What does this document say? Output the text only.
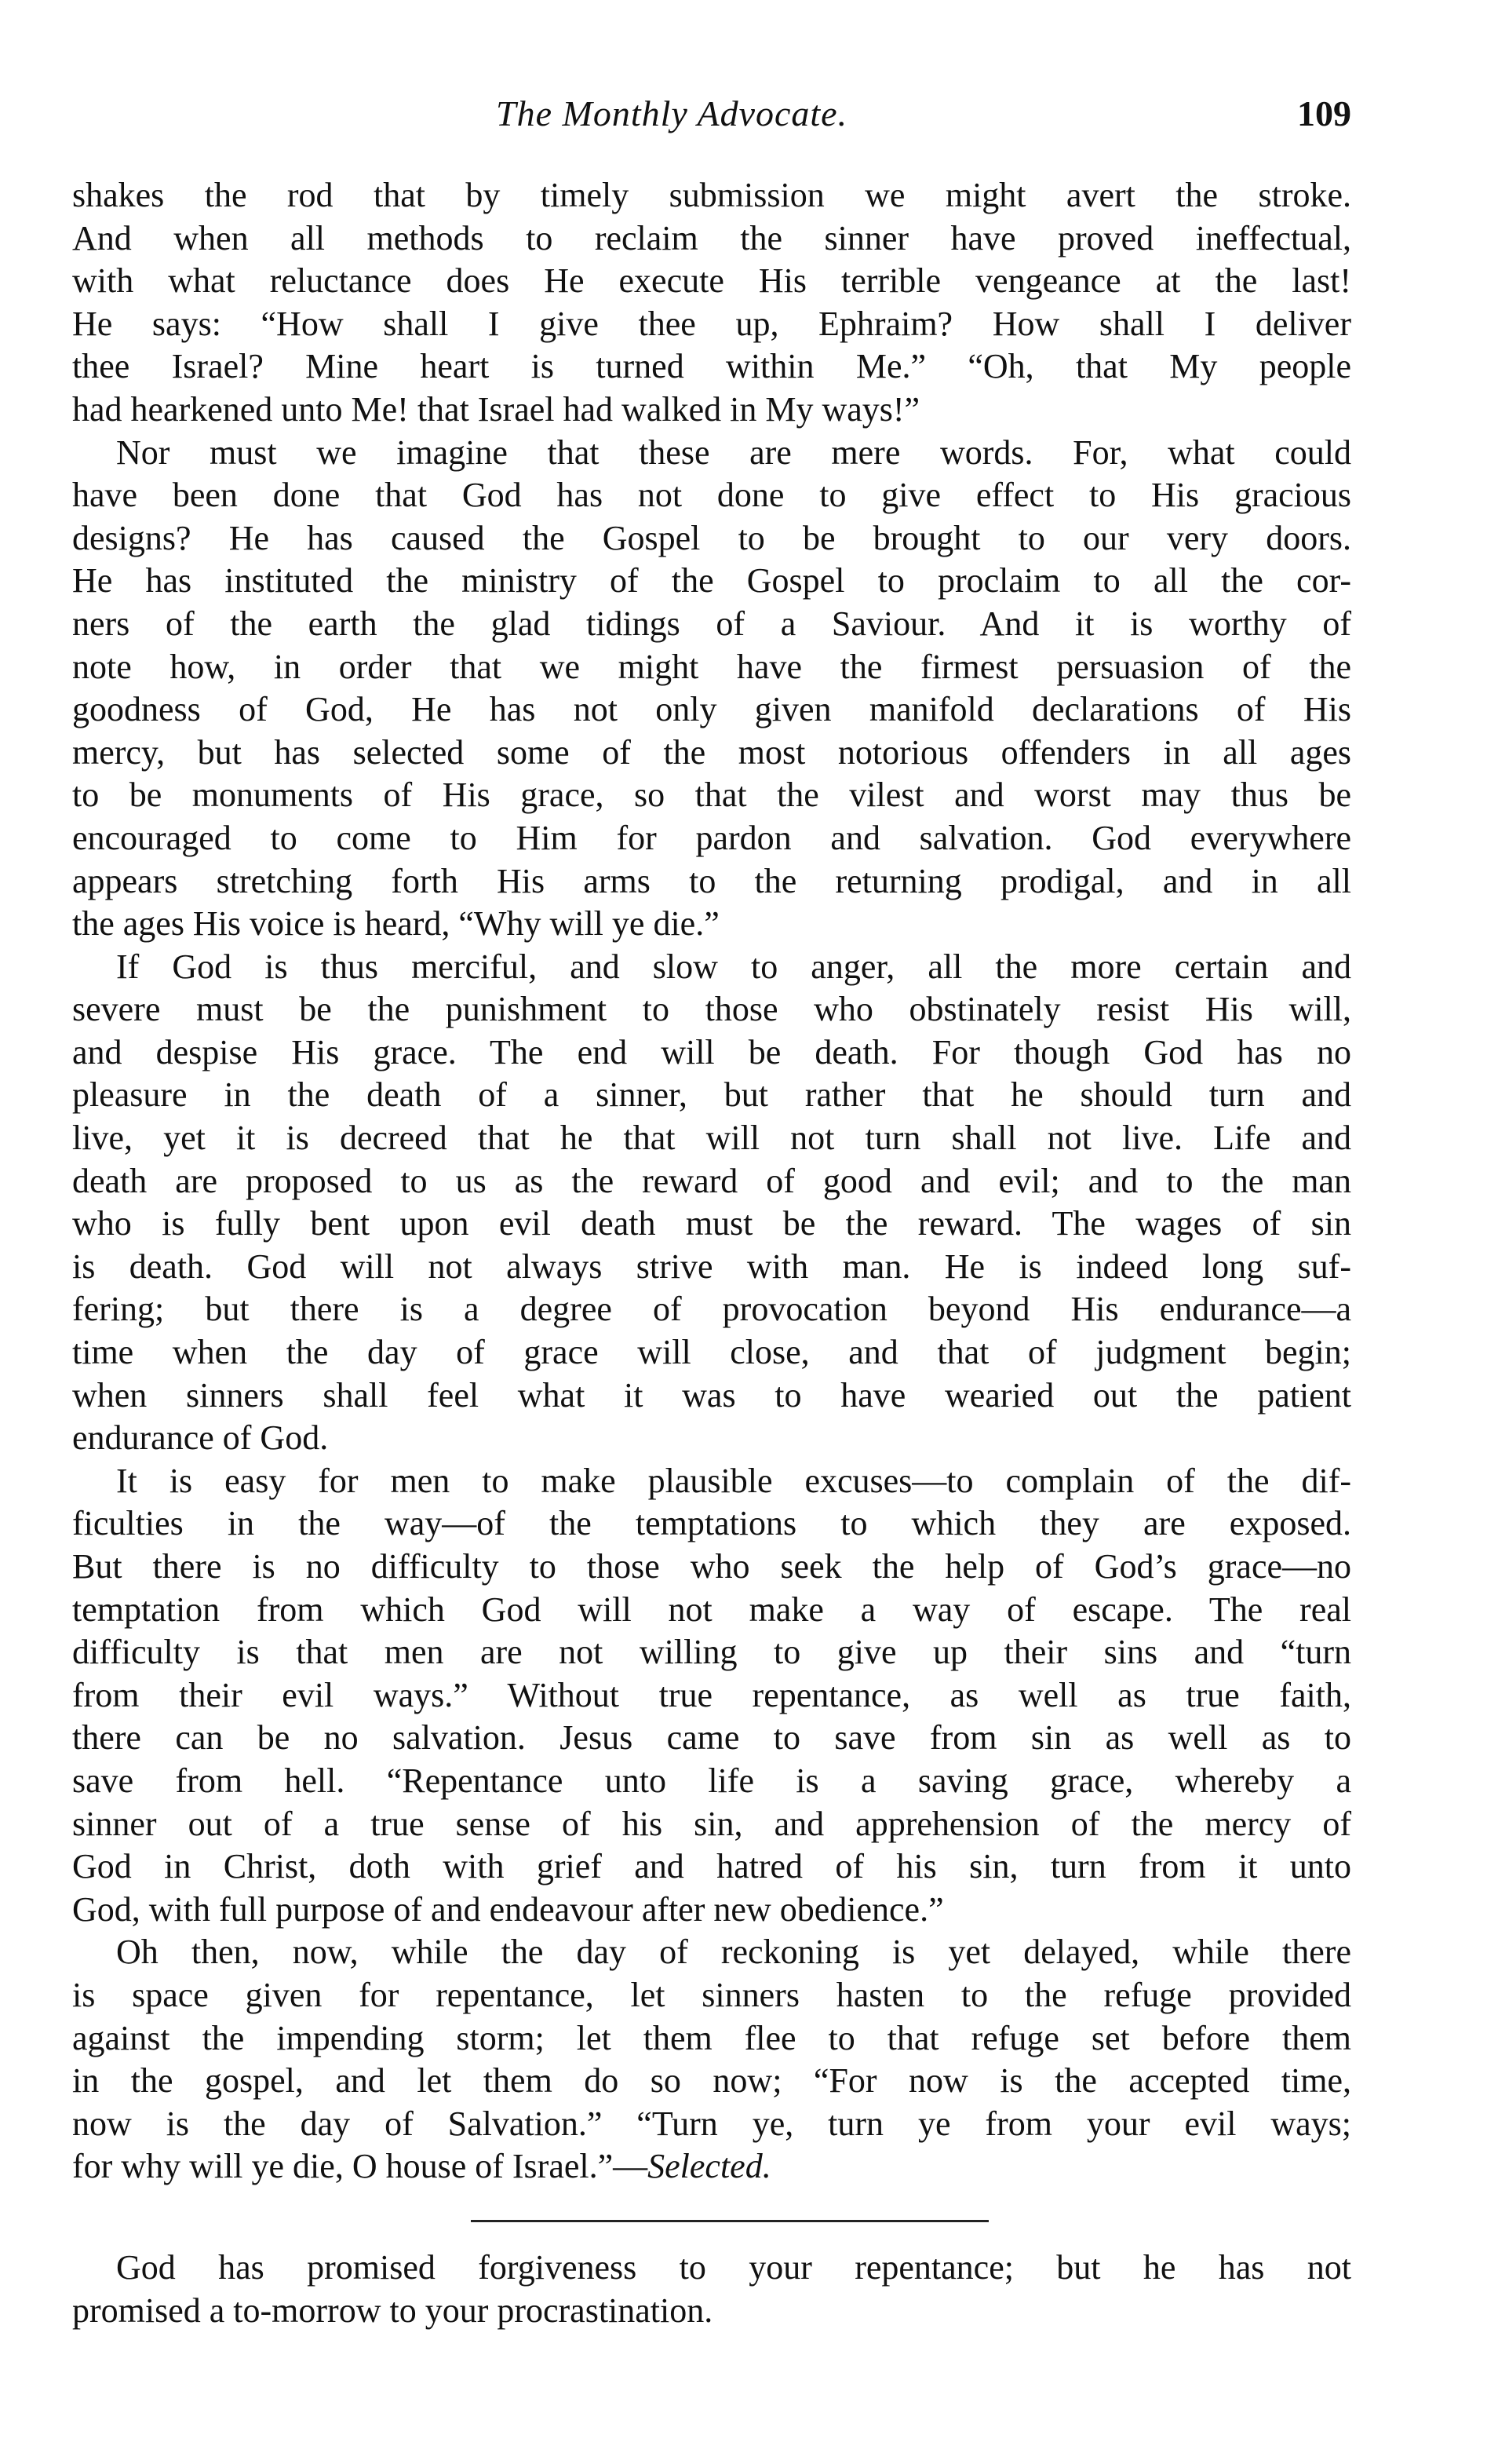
The Monthly Advocate.	109
shakes the rod that by timely submission we might avert the stroke.
And when all methods to reclaim the sinner have proved ineffectual,
with what reluctance does He execute His terrible vengeance at the last!
He says: “How shall I give thee up, Ephraim? How shall I deliver
thee Israel? Mine heart is turned within Me.” “Oh, that My people
had hearkened unto Me! that Israel had walked in My ways!”
Nor must we imagine that these are mere words. For, what could
have been done that God has not done to give effect to His gracious
designs? He has caused the Gospel to be brought to our very doors.
He has instituted the ministry of the Gospel to proclaim to all the cor-
ners of the earth the glad tidings of a Saviour. And it is worthy of
note how, in order that we might have the firmest persuasion of the
goodness of God, He has not only given manifold declarations of His
mercy, but has selected some of the most notorious offenders in all ages
to be monuments of His grace, so that the vilest and worst may thus be
encouraged to come to Him for pardon and salvation. God everywhere
appears stretching forth His arms to the returning prodigal, and in all
the ages His voice is heard, “Why will ye die.”
If God is thus merciful, and slow to anger, all the more certain and
severe must be the punishment to those who obstinately resist His will,
and despise His grace. The end will be death. For though God has no
pleasure in the death of a sinner, but rather that he should turn and
live, yet it is decreed that he that will not turn shall not live. Life and
death are proposed to us as the reward of good and evil; and to the man
who is fully bent upon evil death must be the reward. The wages of sin
is death. God will not always strive with man. He is indeed long suf-
fering; but there is a degree of provocation beyond His endurance—a
time when the day of grace will close, and that of judgment begin;
when sinners shall feel what it was to have wearied out the patient
endurance of God.
It is easy for men to make plausible excuses—to complain of the dif-
ficulties in the way—of the temptations to which they are exposed.
But there is no difficulty to those who seek the help of God’s grace—no
temptation from which God will not make a way of escape. The real
difficulty is that men are not willing to give up their sins and “turn
from their evil ways.” Without true repentance, as well as true faith,
there can be no salvation. Jesus came to save from sin as well as to
save from hell. “Repentance unto life is a saving grace, whereby a
sinner out of a true sense of his sin, and apprehension of the mercy of
God in Christ, doth with grief and hatred of his sin, turn from it unto
God, with full purpose of and endeavour after new obedience.”
Oh then, now, while the day of reckoning is yet delayed, while there
is space given for repentance, let sinners hasten to the refuge provided
against the impending storm; let them flee to that refuge set before them
in the gospel, and let them do so now; “For now is the accepted time,
now is the day of Salvation.” “Turn ye, turn ye from your evil ways;
for why will ye die, O house of Israel.”—Selected.
God has promised forgiveness to your repentance; but he has not
promised a to-morrow to your procrastination.
